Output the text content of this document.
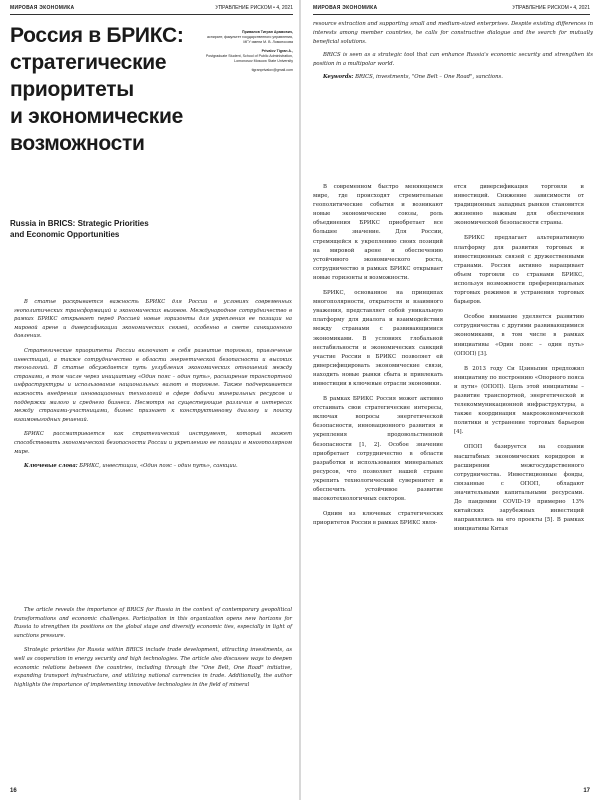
МИРОВАЯ ЭКОНОМИКА	УПРАВЛЕНИЕ РИСКОМ • 4, 2021
Россия в БРИКС:
стратегические
приоритеты
и экономические
возможности
Привалов Тигран Арамович,
аспирант, факультет государственного управления, МГУ имени М. В. Ломоносова
Privalov Tigran A.,
Postgraduate Student, School of Public Administration, Lomonosov Moscow State University
tigranprivalov@gmail.com
Russia in BRICS: Strategic Priorities
and Economic Opportunities

В статье раскрывается важность БРИКС для России в условиях современных геополитических трансформаций и экономических вызовов. Международное сотрудничество в рамках БРИКС открывает перед Россией новые горизонты для укрепления ее позиции на мировой арене и диверсификации экономических связей, особенно в свете санкционного давления.

Стратегические приоритеты России включают в себя развитие торговли, привлечение инвестиций, а также сотрудничество в области энергетической безопасности и высоких технологий. В статье обсуждается путь углубления экономических отношений между странами, в том числе через инициативу «Один пояс – один путь», расширение транспортной инфраструктуры и использование национальных валют в торговле. Также подчеркивается важность внедрения инновационных технологий в сфере добычи минеральных ресурсов и поддержки малого и среднего бизнеса. Несмотря на существующие различия в интересах между странами-участницами, бизнес признает к конструктивному диалогу и поиску взаимовыгодных решений.

БРИКС рассматривается как стратегический инструмент, который может способствовать экономической безопасности России и укреплению ее позиции в многополярном мире.

Ключевые слова: БРИКС, инвестиции, «Один пояс – один путь», санкции.

The article reveals the importance of BRICS for Russia in the context of contemporary geopolitical transformations and economic challenges. Participation in this organization opens new horizons for Russia to strengthen its positions on the global stage and diversify economic ties, especially in light of sanctions pressure.

Strategic priorities for Russia within BRICS include trade development, attracting investments, as well as cooperation in energy security and high technologies. The article also discusses ways to deepen economic relations between the countries, including through the "One Belt, One Road" initiative, expanding transport infrastructure, and utilizing national currencies in trade. Additionally, the author highlights the importance of implementing innovative technologies in the field of mineral

16
МИРОВАЯ ЭКОНОМИКА	УПРАВЛЕНИЕ РИСКОМ • 4, 2021

resource extraction and supporting small and medium-sized enterprises. Despite existing differences in interests among member countries, he calls for constructive dialogue and the search for mutually beneficial solutions.

BRICS is seen as a strategic tool that can enhance Russia's economic security and strengthen its position in a multipolar world.

Keywords: BRICS, investments, "One Belt – One Road", sanctions.

В современном быстро меняющемся мире, где происходят стремительные геополитические события и возникают новые экономические союзы, роль объединения БРИКС приобретает все большее значение. Для России, стремящейся к укреплению своих позиций на мировой арене и обеспечению устойчивого экономического роста, сотрудничество в рамках БРИКС открывает новые горизонты и возможности.

БРИКС, основанное на принципах многополярности, открытости и взаимного уважения, представляет собой уникальную платформу для диалога и взаимодействия между странами с развивающимися экономиками. В условиях глобальной нестабильности и экономических санкций участие России в БРИКС позволяет ей диверсифицировать экономические связи, находить новые рынки сбыта и привлекать инвестиции в ключевые отрасли экономики.

В рамках БРИКС Россия может активно отстаивать свои стратегические интересы, включая вопросы энергетической безопасности, инновационного развития и укрепления продовольственной безопасности [1, 2]. Особое значение приобретает сотрудничество в области разработки и использования минеральных ресурсов, что позволяет нашей стране укрепить технологический суверенитет и обеспечить устойчивое развитие высокотехнологичных секторов.

Одним из ключевых стратегических приоритетов России в рамках БРИКС явля-

ется диверсификация торговли и инвестиций. Снижение зависимости от традиционных западных рынков становится жизненно важным для обеспечения экономической безопасности страны.

БРИКС предлагает альтернативную платформу для развития торговых и инвестиционных связей с дружественными странами. Россия активно наращивает объем торговли со странами БРИКС, используя возможности преференциальных торговых режимов и устранения торговых барьеров.

Особое внимание уделяется развитию сотрудничества с другими развивающимися экономиками, в том числе в рамках инициативы «Один пояс – один путь» (ОПОП) [3].

В 2013 году Си Цзиньпин предложил инициативу по построению «Опорного пояса и пути» (ОПОП). Цель этой инициативы – развитие транспортной, энергетической и телекоммуникационной инфраструктуры, а также координация макроэкономической политики и устранение торговых барьеров [4].

ОПОП базируется на создании масштабных экономических коридоров и расширении межгосударственного сотрудничества. Инвестиционные фонды, связанные с ОПОП, обладают значительными капитальными ресурсами. До пандемии COVID-19 примерно 13% китайских зарубежных инвестиций направлялись на его проекты [5]. В рамках инициативы Китая

17
